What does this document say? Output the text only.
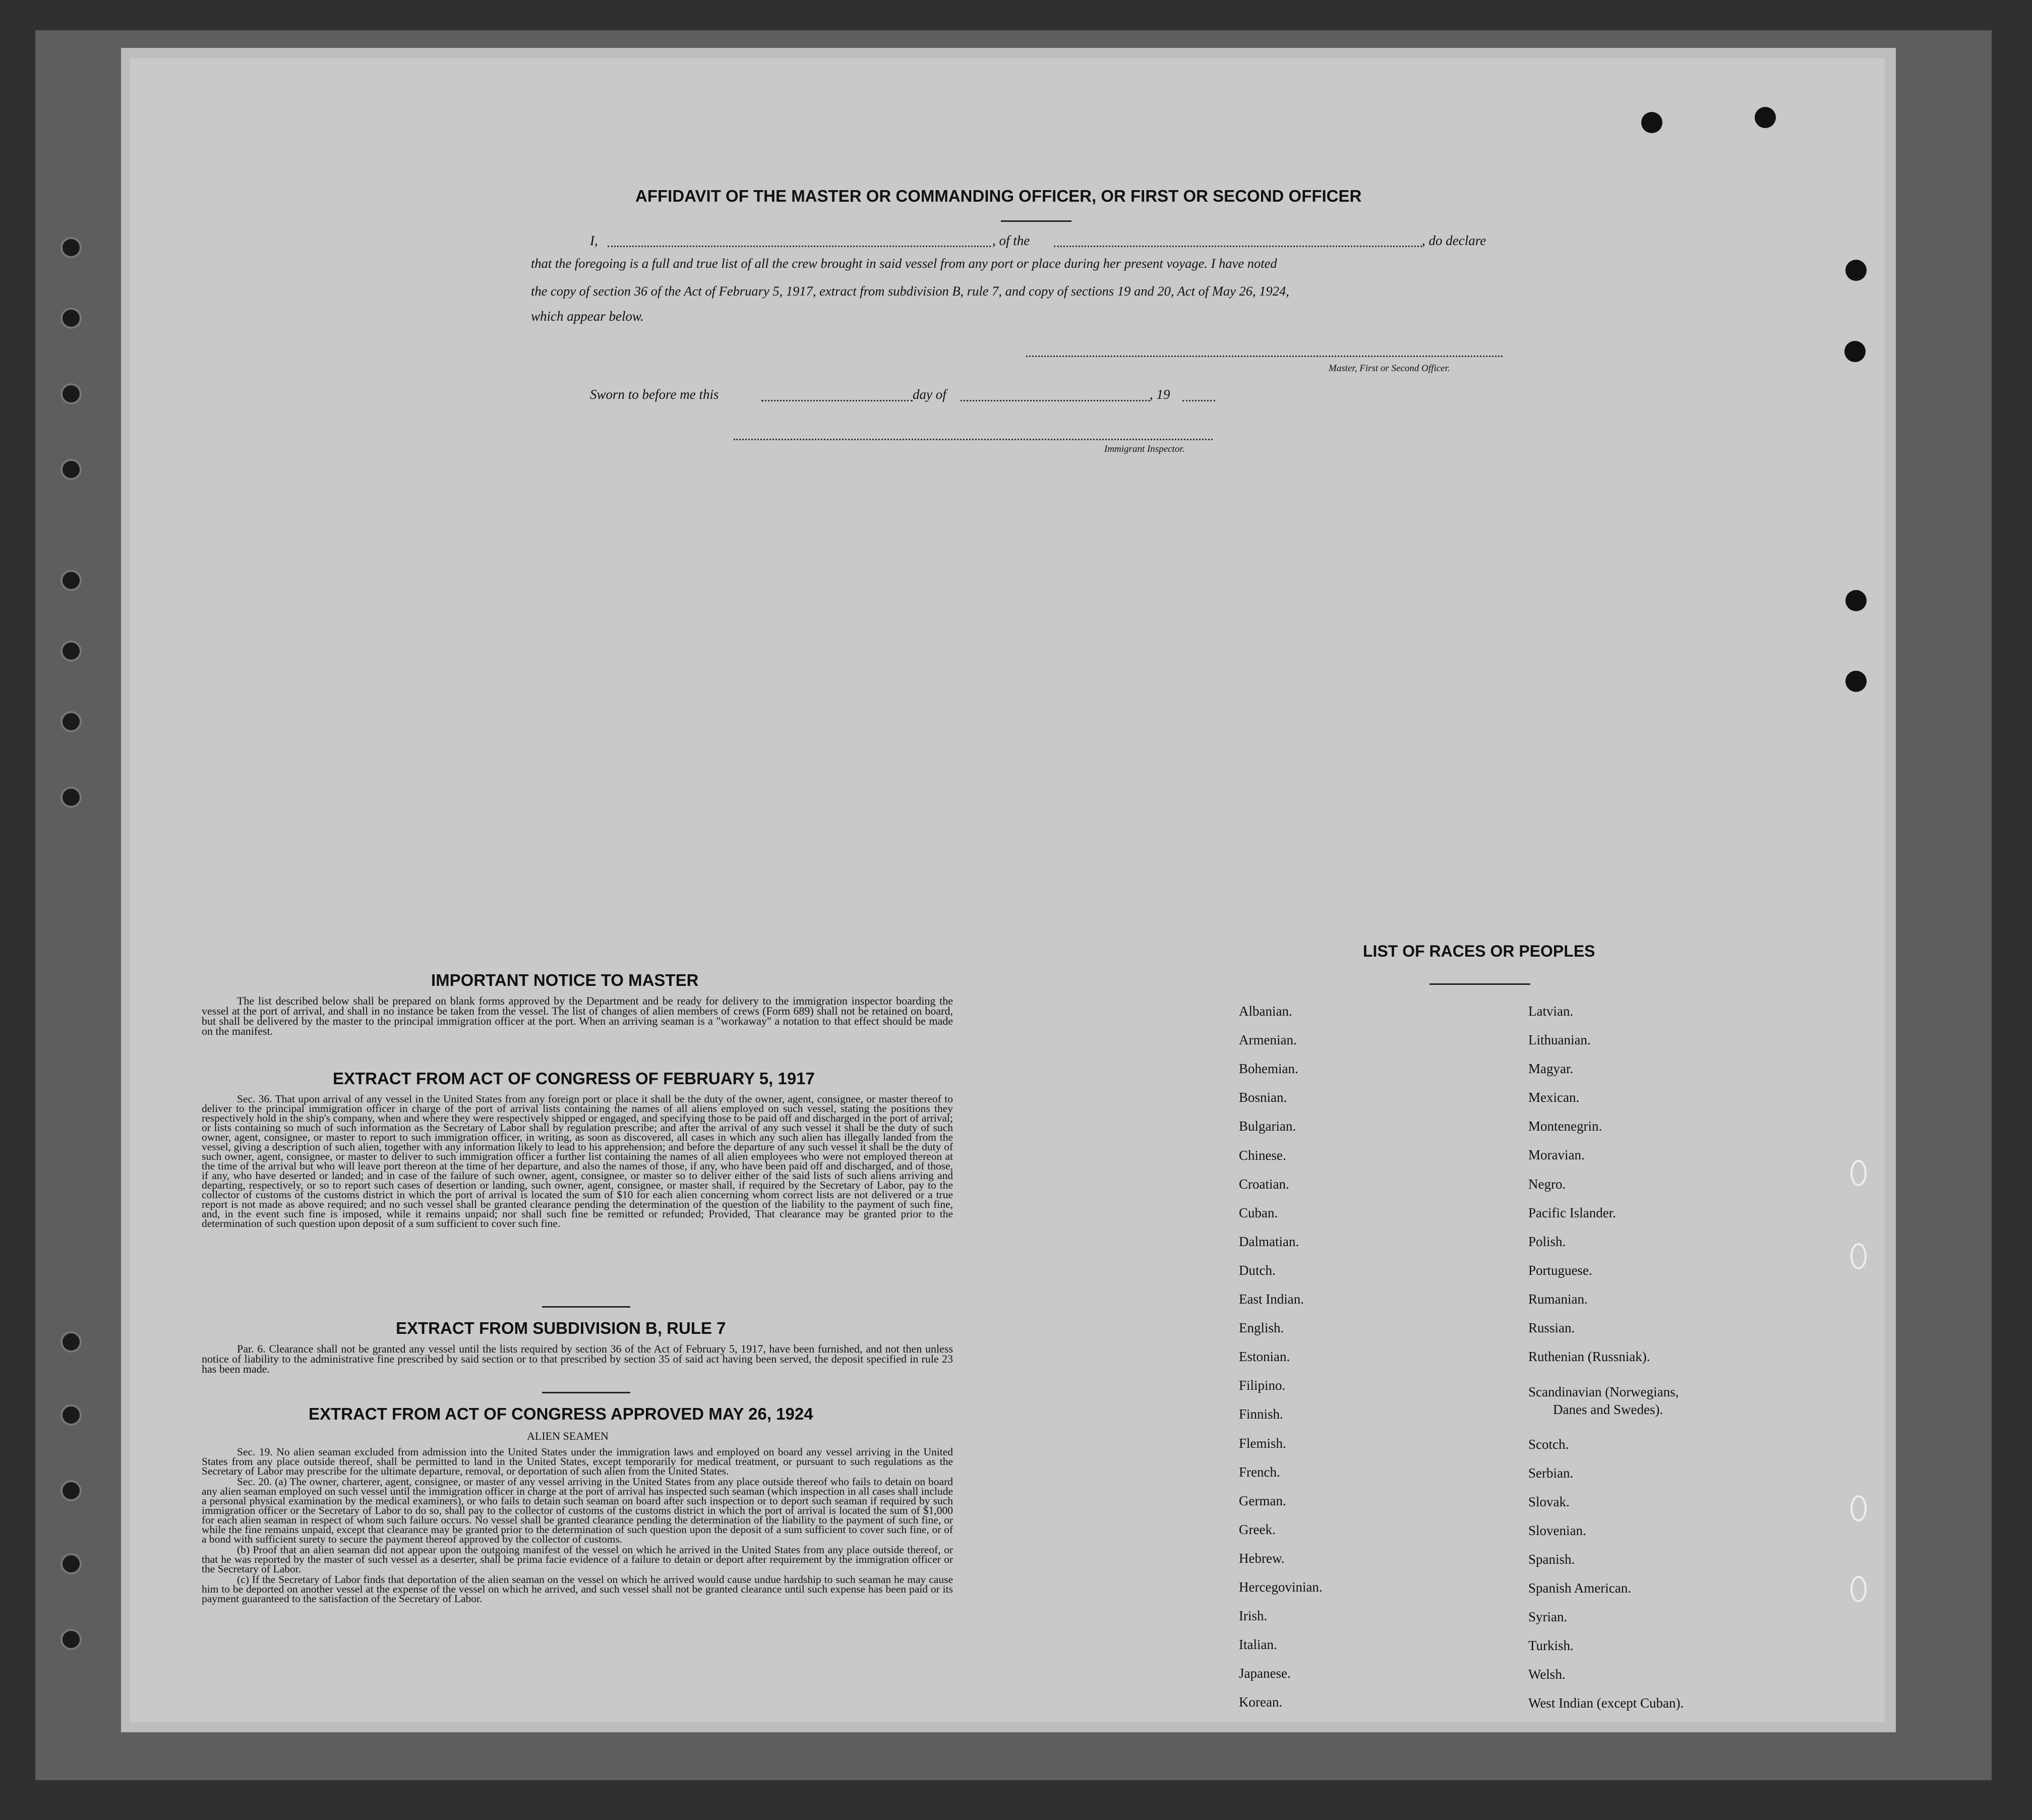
AFFIDAVIT OF THE MASTER OR COMMANDING OFFICER, OR FIRST OR SECOND OFFICER
I,	, of the	, do declare
that the foregoing is a full and true list of all the crew brought in said vessel from any port or place during her present voyage. I have noted
the copy of section 36 of the Act of February 5, 1917, extract from subdivision B, rule 7, and copy of sections 19 and 20, Act of May 26, 1924,
which appear below.
Master, First or Second Officer.
Sworn to before me this	day of	, 19
Immigrant Inspector.

IMPORTANT NOTICE TO MASTER

The list described below shall be prepared on blank forms approved by the Department and be ready for delivery to the immigration inspector boarding the vessel at the port of arrival, and shall in no instance be taken from the vessel. The list of changes of alien members of crews (Form 689) shall not be retained on board, but shall be delivered by the master to the principal immigration officer at the port. When an arriving seaman is a "workaway" a notation to that effect should be made on the manifest.

EXTRACT FROM ACT OF CONGRESS OF FEBRUARY 5, 1917

Sec. 36. That upon arrival of any vessel in the United States from any foreign port or place it shall be the duty of the owner, agent, consignee, or master thereof to deliver to the principal immigration officer in charge of the port of arrival lists containing the names of all aliens employed on such vessel, stating the positions they respectively hold in the ship's company, when and where they were respectively shipped or engaged, and specifying those to be paid off and discharged in the port of arrival; or lists containing so much of such information as the Secretary of Labor shall by regulation prescribe; and after the arrival of any such vessel it shall be the duty of such owner, agent, consignee, or master to report to such immigration officer, in writing, as soon as discovered, all cases in which any such alien has illegally landed from the vessel, giving a description of such alien, together with any information likely to lead to his apprehension; and before the departure of any such vessel it shall be the duty of such owner, agent, consignee, or master to deliver to such immigration officer a further list containing the names of all alien employees who were not employed thereon at the time of the arrival but who will leave port thereon at the time of her departure, and also the names of those, if any, who have been paid off and discharged, and of those, if any, who have deserted or landed; and in case of the failure of such owner, agent, consignee, or master so to deliver either of the said lists of such aliens arriving and departing, respectively, or so to report such cases of desertion or landing, such owner, agent, consignee, or master shall, if required by the Secretary of Labor, pay to the collector of customs of the customs district in which the port of arrival is located the sum of $10 for each alien concerning whom correct lists are not delivered or a true report is not made as above required; and no such vessel shall be granted clearance pending the determination of the question of the liability to the payment of such fine, and, in the event such fine is imposed, while it remains unpaid; nor shall such fine be remitted or refunded; Provided, That clearance may be granted prior to the determination of such question upon deposit of a sum sufficient to cover such fine.

EXTRACT FROM SUBDIVISION B, RULE 7

Par. 6. Clearance shall not be granted any vessel until the lists required by section 36 of the Act of February 5, 1917, have been furnished, and not then unless notice of liability to the administrative fine prescribed by said section or to that prescribed by section 35 of said act having been served, the deposit specified in rule 23 has been made.

EXTRACT FROM ACT OF CONGRESS APPROVED MAY 26, 1924
ALIEN SEAMEN

Sec. 19. No alien seaman excluded from admission into the United States under the immigration laws and employed on board any vessel arriving in the United States from any place outside thereof, shall be permitted to land in the United States, except temporarily for medical treatment, or pursuant to such regulations as the Secretary of Labor may prescribe for the ultimate departure, removal, or deportation of such alien from the United States.

Sec. 20. (a) The owner, charterer, agent, consignee, or master of any vessel arriving in the United States from any place outside thereof who fails to detain on board any alien seaman employed on such vessel until the immigration officer in charge at the port of arrival has inspected such seaman (which inspection in all cases shall include a personal physical examination by the medical examiners), or who fails to detain such seaman on board after such inspection or to deport such seaman if required by such immigration officer or the Secretary of Labor to do so, shall pay to the collector of customs of the customs district in which the port of arrival is located the sum of $1,000 for each alien seaman in respect of whom such failure occurs. No vessel shall be granted clearance pending the determination of the liability to the payment of such fine, or while the fine remains unpaid, except that clearance may be granted prior to the determination of such question upon the deposit of a sum sufficient to cover such fine, or of a bond with sufficient surety to secure the payment thereof approved by the collector of customs.

(b) Proof that an alien seaman did not appear upon the outgoing manifest of the vessel on which he arrived in the United States from any place outside thereof, or that he was reported by the master of such vessel as a deserter, shall be prima facie evidence of a failure to detain or deport after requirement by the immigration officer or the Secretary of Labor.

(c) If the Secretary of Labor finds that deportation of the alien seaman on the vessel on which he arrived would cause undue hardship to such seaman he may cause him to be deported on another vessel at the expense of the vessel on which he arrived, and such vessel shall not be granted clearance until such expense has been paid or its payment guaranteed to the satisfaction of the Secretary of Labor.

LIST OF RACES OR PEOPLES
Albanian.
Armenian.
Bohemian.
Bosnian.
Bulgarian.
Chinese.
Croatian.
Cuban.
Dalmatian.
Dutch.
East Indian.
English.
Estonian.
Filipino.
Finnish.
Flemish.
French.
German.
Greek.
Hebrew.
Hercegovinian.
Irish.
Italian.
Japanese.
Korean.
Latvian.
Lithuanian.
Magyar.
Mexican.
Montenegrin.
Moravian.
Negro.
Pacific Islander.
Polish.
Portuguese.
Rumanian.
Russian.
Ruthenian (Russniak).
Scandinavian (Norwegians,
Danes and Swedes).
Scotch.
Serbian.
Slovak.
Slovenian.
Spanish.
Spanish American.
Syrian.
Turkish.
Welsh.
West Indian (except Cuban).
